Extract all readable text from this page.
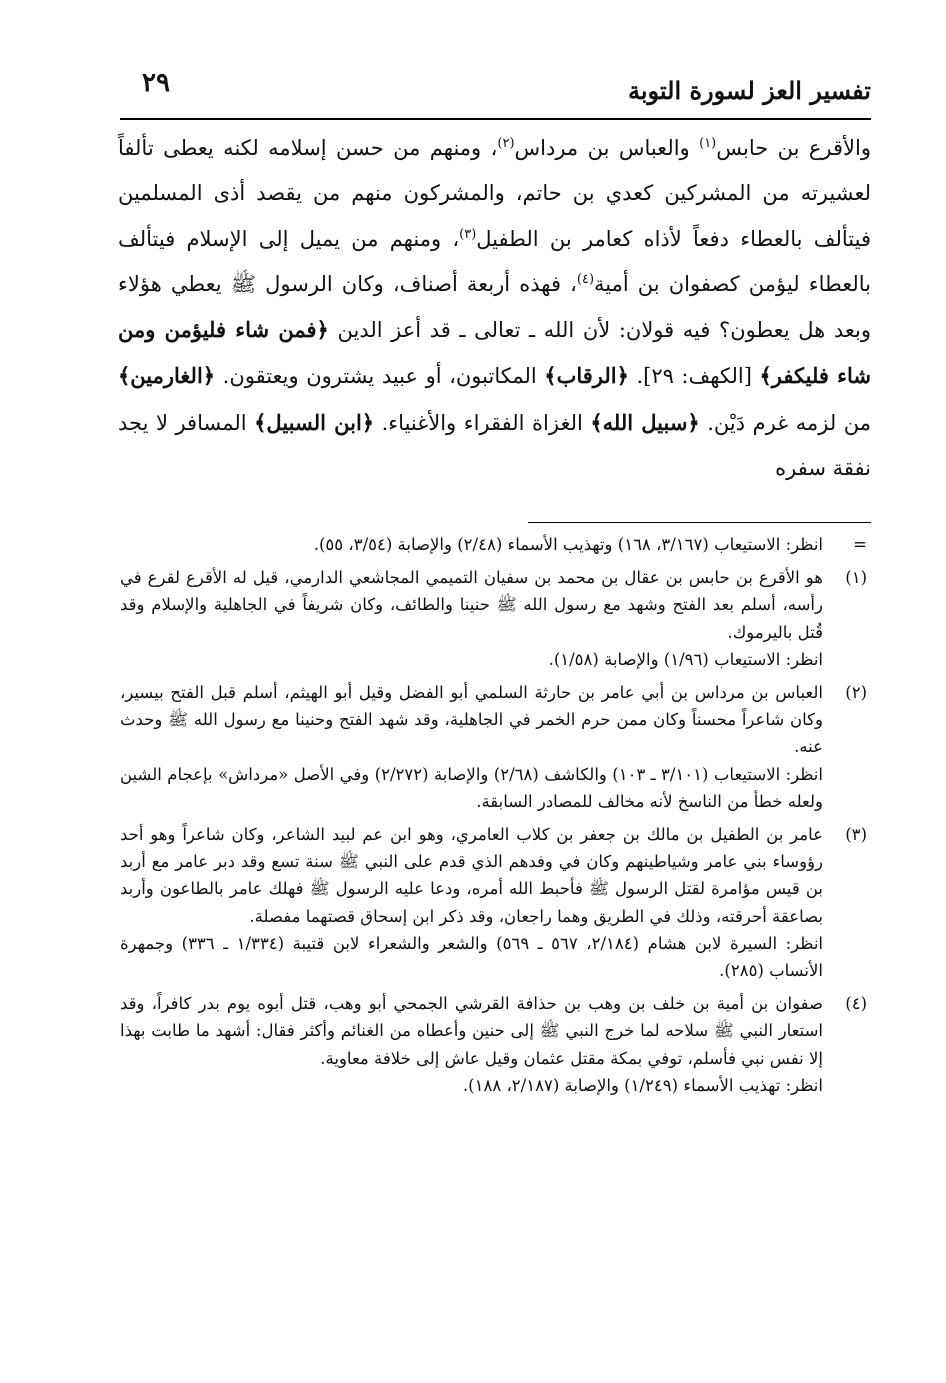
تفسير العز لسورة التوبة
٢٩

والأقرع بن حابس$^{(١)}$ والعباس بن مرداس$^{(٢)}$، ومنهم من حسن إسلامه لكنه يعطى تألفاً لعشيرته من المشركين كعدي بن حاتم، والمشركون منهم من يقصد أذى المسلمين فيتألف بالعطاء دفعاً لأذاه كعامر بن الطفيل$^{(٣)}$، ومنهم من يميل إلى الإسلام فيتألف بالعطاء ليؤمن كصفوان بن أمية$^{(٤)}$، فهذه أربعة أصناف، وكان الرسول ﷺ يعطي هؤلاء وبعد هل يعطون؟ فيه قولان: لأن الله ـ تعالى ـ قد أعز الدين ﴿فمن شاء فليؤمن ومن شاء فليكفر﴾ [الكهف: ٢٩]. ﴿الرقاب﴾ المكاتبون، أو عبيد يشترون ويعتقون. ﴿الغارمين﴾ من لزمه غرم دَيْن. ﴿سبيل الله﴾ الغزاة الفقراء والأغنياء. ﴿ابن السبيل﴾ المسافر لا يجد نفقة سفره

=

انظر: الاستيعاب (٣/١٦٧، ١٦٨) وتهذيب الأسماء (٢/٤٨) والإصابة (٣/٥٤، ٥٥).

(١)

هو الأقرع بن حابس بن عقال بن محمد بن سفيان التميمي المجاشعي الدارمي، قيل له الأقرع لقرع في رأسه، أسلم بعد الفتح وشهد مع رسول الله ﷺ حنينا والطائف، وكان شريفاً في الجاهلية والإسلام وقد قُتل باليرموك.

انظر: الاستيعاب (١/٩٦) والإصابة (١/٥٨).

(٢)

العباس بن مرداس بن أبي عامر بن حارثة السلمي أبو الفضل وقيل أبو الهيثم، أسلم قبل الفتح بيسير، وكان شاعراً محسناً وكان ممن حرم الخمر في الجاهلية، وقد شهد الفتح وحنينا مع رسول الله ﷺ وحدث عنه.

انظر: الاستيعاب (٣/١٠١ ـ ١٠٣) والكاشف (٢/٦٨) والإصابة (٢/٢٧٢) وفي الأصل «مرداش» بإعجام الشين ولعله خطأ من الناسخ لأنه مخالف للمصادر السابقة.

(٣)

عامر بن الطفيل بن مالك بن جعفر بن كلاب العامري، وهو ابن عم لبيد الشاعر، وكان شاعراً وهو أحد رؤوساء بني عامر وشياطينهم وكان في وفدهم الذي قدم على النبي ﷺ سنة تسع وقد دبر عامر مع أربد بن قيس مؤامرة لقتل الرسول ﷺ فأحبط الله أمره، ودعا عليه الرسول ﷺ فهلك عامر بالطاعون وأربد بصاعقة أحرقته، وذلك في الطريق وهما راجعان، وقد ذكر ابن إسحاق قصتهما مفصلة.

انظر: السيرة لابن هشام (٢/١٨٤، ٥٦٧ ـ ٥٦٩) والشعر والشعراء لابن قتيبة (١/٣٣٤ ـ ٣٣٦) وجمهرة الأنساب (٢٨٥).

(٤)

صفوان بن أمية بن خلف بن وهب بن حذافة القرشي الجمحي أبو وهب، قتل أبوه يوم بدر كافراً، وقد استعار النبي ﷺ سلاحه لما خرج النبي ﷺ إلى حنين وأعطاه من الغنائم وأكثر فقال: أشهد ما طابت بهذا إلا نفس نبي فأسلم، توفي بمكة مقتل عثمان وقيل عاش إلى خلافة معاوية.

انظر: تهذيب الأسماء (١/٢٤٩) والإصابة (٢/١٨٧، ١٨٨).
